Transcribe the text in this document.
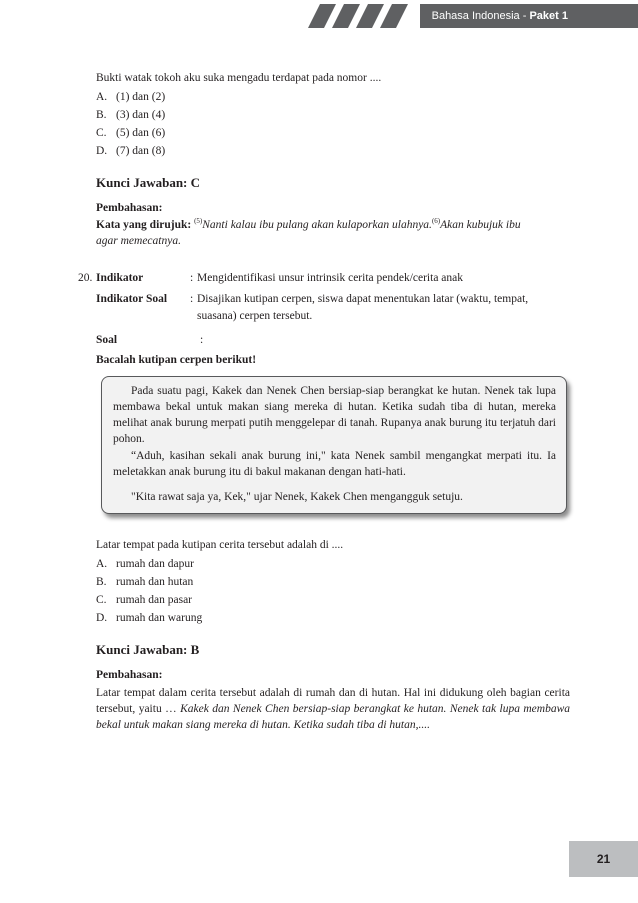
Bahasa Indonesia - Paket 1
Bukti watak tokoh aku suka mengadu terdapat pada nomor ....
A. (1) dan (2)
B. (3) dan (4)
C. (5) dan (6)
D. (7) dan (8)
Kunci Jawaban: C
Pembahasan:
Kata yang dirujuk: $^{(5)}$Nanti kalau ibu pulang akan kulaporkan ulahnya.$^{(6)}$Akan kubujuk ibu
agar memecatnya.
20. Indikator	: Mengidentifikasi unsur intrinsik cerita pendek/cerita anak
Indikator Soal : Disajikan kutipan cerpen, siswa dapat menentukan latar (waktu, tempat,
suasana) cerpen tersebut.
Soal	:
Bacalah kutipan cerpen berikut!
Pada suatu pagi, Kakek dan Nenek Chen bersiap-siap berangkat ke hutan. Nenek tak lupa membawa bekal untuk makan siang mereka di hutan. Ketika sudah tiba di hutan, mereka melihat anak burung merpati putih menggelepar di tanah. Rupanya anak burung itu terjatuh dari pohon.
“Aduh, kasihan sekali anak burung ini," kata Nenek sambil mengangkat merpati itu. Ia meletakkan anak burung itu di bakul makanan dengan hati-hati.
"Kita rawat saja ya, Kek," ujar Nenek, Kakek Chen mengangguk setuju.
Latar tempat pada kutipan cerita tersebut adalah di ....
A. rumah dan dapur
B. rumah dan hutan
C. rumah dan pasar
D. rumah dan warung
Kunci Jawaban: B
Pembahasan:
Latar tempat dalam cerita tersebut adalah di rumah dan di hutan. Hal ini didukung oleh bagian cerita tersebut, yaitu … Kakek dan Nenek Chen bersiap-siap berangkat ke hutan. Nenek tak lupa membawa bekal untuk makan siang mereka di hutan. Ketika sudah tiba di hutan,....
21
